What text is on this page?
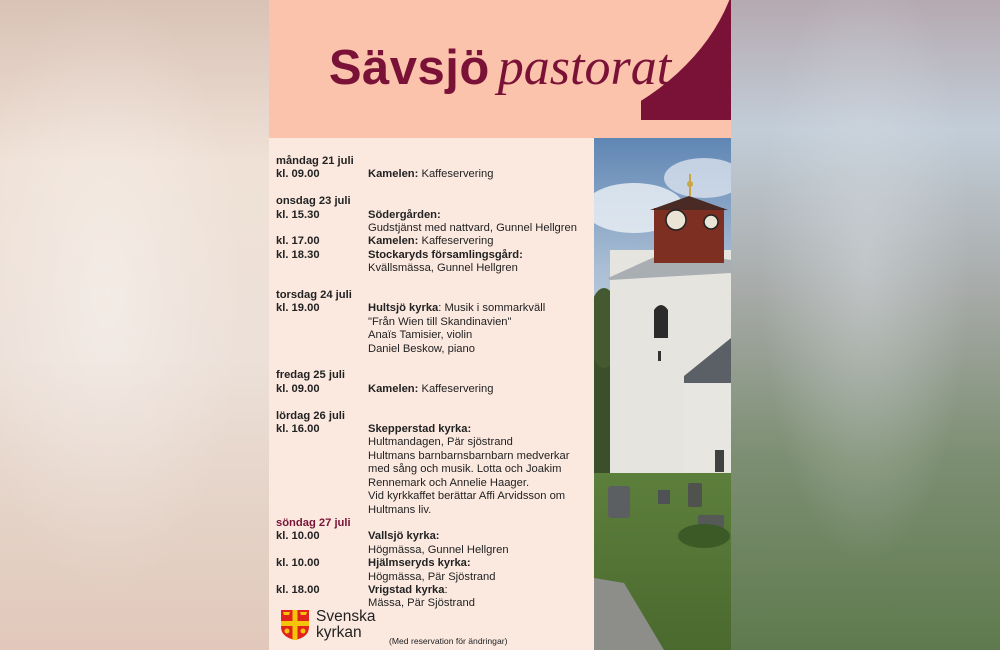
Sävsjö pastorat
måndag 21 juli
kl. 09.00	Kamelen: Kaffeservering
onsdag 23 juli
kl. 15.30	Södergården:
Gudstjänst med nattvard, Gunnel Hellgren
kl. 17.00	Kamelen: Kaffeservering
kl. 18.30	Stockaryds församlingsgård:
Kvällsmässa, Gunnel Hellgren
torsdag 24 juli
kl. 19.00	Hultsjö kyrka: Musik i sommarkväll
"Från Wien till Skandinavien"
Anaïs Tamisier, violin
Daniel Beskow, piano
fredag 25 juli
kl. 09.00	Kamelen: Kaffeservering
lördag 26 juli
kl. 16.00	Skepperstad kyrka:
Hultmandagen, Pär sjöstrand
Hultmans barnbarnsbarnbarn medverkar
med sång och musik. Lotta och Joakim
Rennemark och Annelie Haager.
Vid kyrkkaffet berättar Affi Arvidsson om
Hultmans liv.
söndag 27 juli
kl. 10.00	Vallsjö kyrka:
Högmässa, Gunnel Hellgren
kl. 10.00	Hjälmseryds kyrka:
Högmässa, Pär Sjöstrand
kl. 18.00	Vrigstad kyrka:
Mässa, Pär Sjöstrand
Svenska
kyrkan	(Med reservation för ändringar)
